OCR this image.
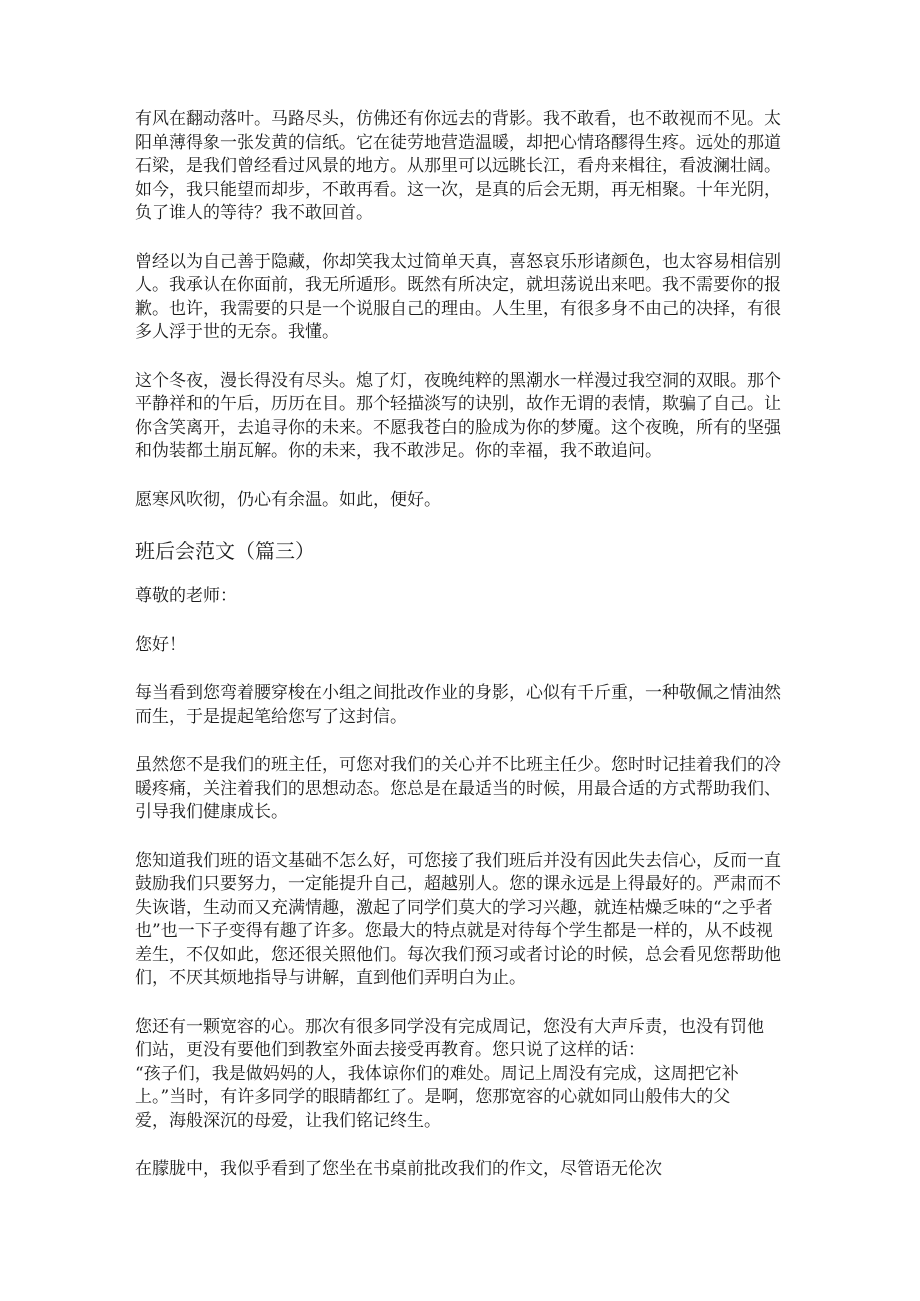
有风在翻动落叶。马路尽头，仿佛还有你远去的背影。我不敢看，也不敢视而不见。太
阳单薄得象一张发黄的信纸。它在徒劳地营造温暖，却把心情珞醪得生疼。远处的那道
石梁，是我们曾经看过风景的地方。从那里可以远眺长江，看舟来楫往，看波澜壮阔。
如今，我只能望而却步，不敢再看。这一次，是真的后会无期，再无相聚。十年光阴，
负了谁人的等待？我不敢回首。
曾经以为自己善于隐藏，你却笑我太过简单天真，喜怒哀乐形诸颜色，也太容易相信别
人。我承认在你面前，我无所遁形。既然有所决定，就坦荡说出来吧。我不需要你的报
歉。也许，我需要的只是一个说服自己的理由。人生里，有很多身不由己的决择，有很
多人浮于世的无奈。我懂。
这个冬夜，漫长得没有尽头。熄了灯，夜晚纯粹的黑潮水一样漫过我空洞的双眼。那个
平静祥和的午后，历历在目。那个轻描淡写的诀别，故作无谓的表情，欺骗了自己。让
你含笑离开，去追寻你的未来。不愿我苍白的脸成为你的梦魇。这个夜晚，所有的坚强
和伪装都土崩瓦解。你的未来，我不敢涉足。你的幸福，我不敢追问。
愿寒风吹彻，仍心有余温。如此，便好。
班后会范文（篇三）
尊敬的老师：
您好！
每当看到您弯着腰穿梭在小组之间批改作业的身影，心似有千斤重，一种敬佩之情油然
而生，于是提起笔给您写了这封信。
虽然您不是我们的班主任，可您对我们的关心并不比班主任少。您时时记挂着我们的冷
暖疼痛，关注着我们的思想动态。您总是在最适当的时候，用最合适的方式帮助我们、
引导我们健康成长。
您知道我们班的语文基础不怎么好，可您接了我们班后并没有因此失去信心，反而一直
鼓励我们只要努力，一定能提升自己，超越别人。您的课永远是上得最好的。严肃而不
失诙谐，生动而又充满情趣，激起了同学们莫大的学习兴趣，就连枯燥乏味的“之乎者
也”也一下子变得有趣了许多。您最大的特点就是对待每个学生都是一样的，从不歧视
差生，不仅如此，您还很关照他们。每次我们预习或者讨论的时候，总会看见您帮助他
们，不厌其烦地指导与讲解，直到他们弄明白为止。
您还有一颗宽容的心。那次有很多同学没有完成周记，您没有大声斥责，也没有罚他
们站，更没有要他们到教室外面去接受再教育。您只说了这样的话：
“孩子们，我是做妈妈的人，我体谅你们的难处。周记上周没有完成，这周把它补
上。”当时，有许多同学的眼睛都红了。是啊，您那宽容的心就如同山般伟大的父
爱，海般深沉的母爱，让我们铭记终生。
在朦胧中，我似乎看到了您坐在书桌前批改我们的作文，尽管语无伦次
